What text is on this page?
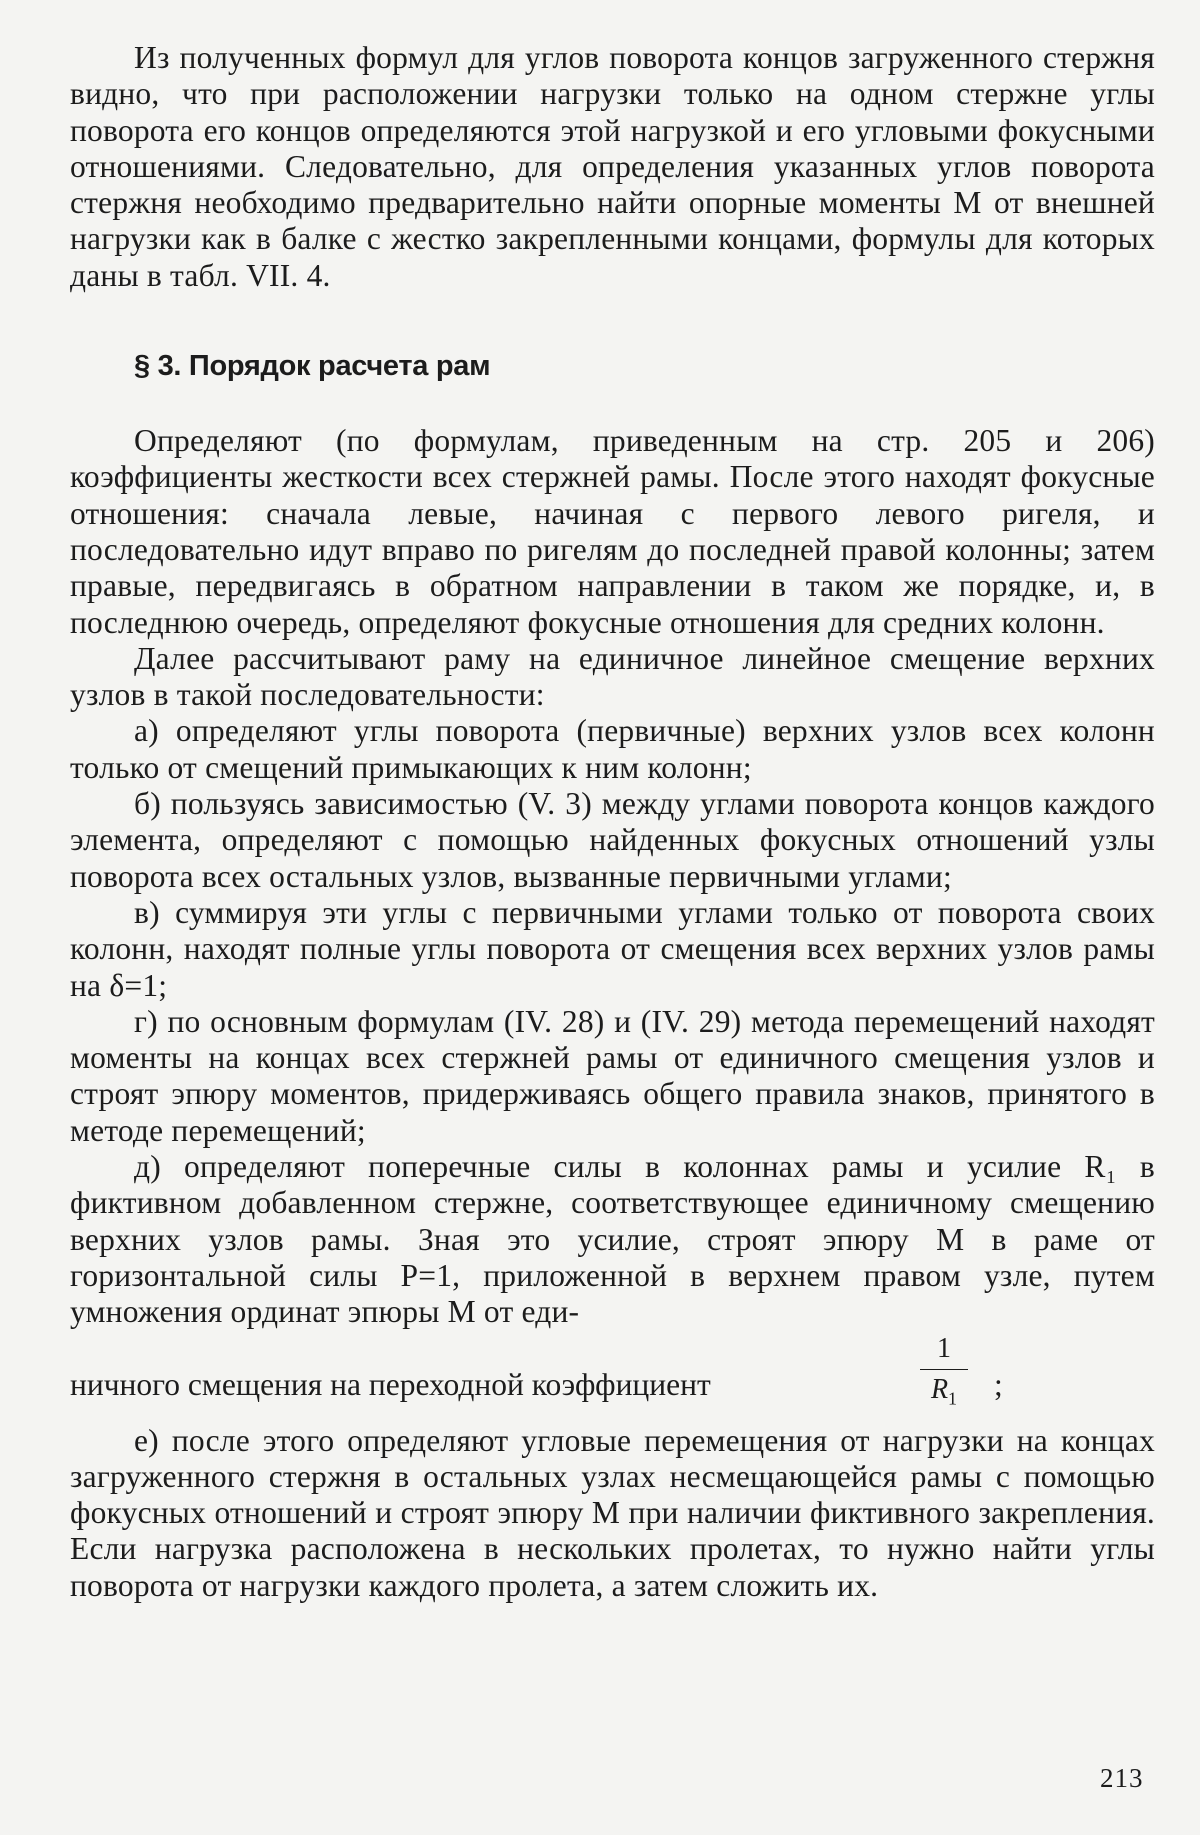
Из полученных формул для углов поворота концов загруженного стержня видно, что при расположении нагрузки только на одном стержне углы поворота его концов определяются этой нагрузкой и его угловыми фокусными отношениями. Следовательно, для определения указанных углов поворота стержня необходимо предварительно найти опорные моменты М от внешней нагрузки как в балке с жестко закрепленными концами, формулы для которых даны в табл. VII. 4.

§ 3. Порядок расчета рам

Определяют (по формулам, приведенным на стр. 205 и 206) коэффициенты жесткости всех стержней рамы. После этого находят фокусные отношения: сначала левые, начиная с первого левого ригеля, и последовательно идут вправо по ригелям до последней правой колонны; затем правые, передвигаясь в обратном направлении в таком же порядке, и, в последнюю очередь, определяют фокусные отношения для средних колонн.

Далее рассчитывают раму на единичное линейное смещение верхних узлов в такой последовательности:

а) определяют углы поворота (первичные) верхних узлов всех колонн только от смещений примыкающих к ним колонн;

б) пользуясь зависимостью (V. 3) между углами поворота концов каждого элемента, определяют с помощью найденных фокусных отношений узлы поворота всех остальных узлов, вызванные первичными углами;

в) суммируя эти углы с первичными углами только от поворота своих колонн, находят полные углы поворота от смещения всех верхних узлов рамы на δ=1;

г) по основным формулам (IV. 28) и (IV. 29) метода перемещений находят моменты на концах всех стержней рамы от единичного смещения узлов и строят эпюру моментов, придерживаясь общего правила знаков, принятого в методе перемещений;

д) определяют поперечные силы в колоннах рамы и усилие R₁ в фиктивном добавленном стержне, соответствующее единичному смещению верхних узлов рамы. Зная это усилие, строят эпюру М в раме от горизонтальной силы Р=1, приложенной в верхнем правом узле, путем умножения ординат эпюры М от еди-

ничного смещения на переходной коэффициент
1
$R_1$	;

е) после этого определяют угловые перемещения от нагрузки на концах загруженного стержня в остальных узлах несмещающейся рамы с помощью фокусных отношений и строят эпюру М при наличии фиктивного закрепления. Если нагрузка расположена в нескольких пролетах, то нужно найти углы поворота от нагрузки каждого пролета, а затем сложить их.

213
